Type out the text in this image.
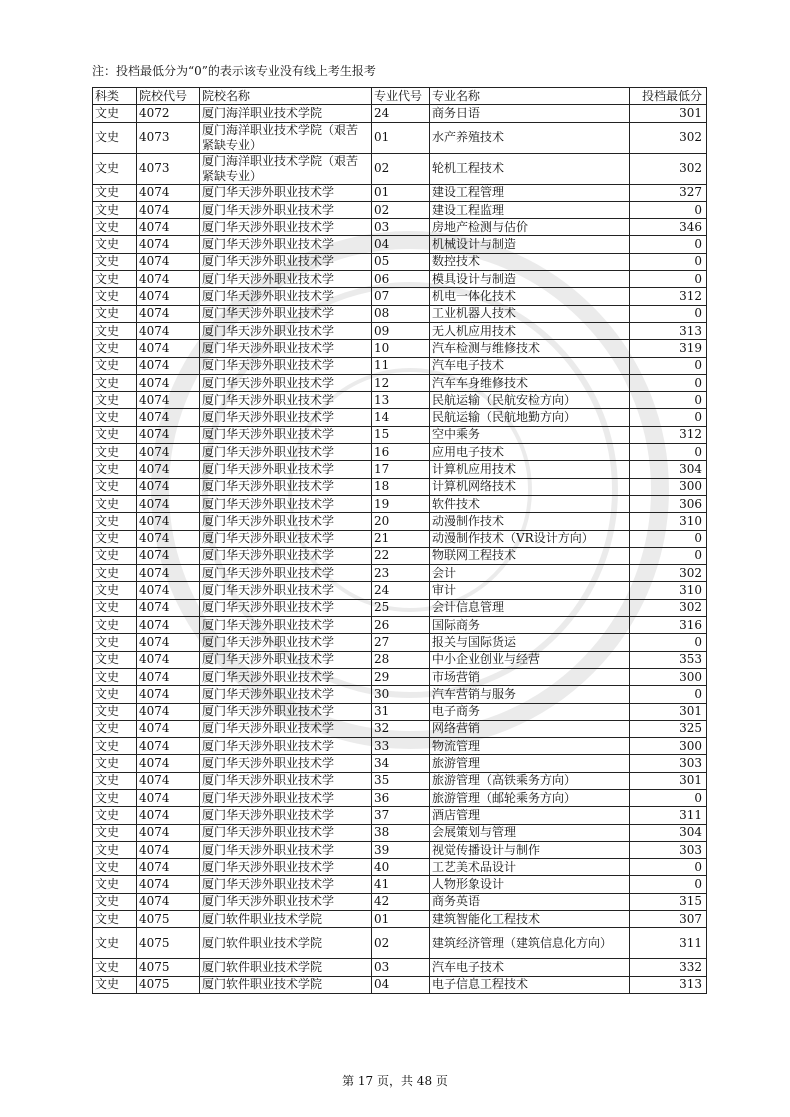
注：投档最低分为“0”的表示该专业没有线上考生报考
科类	院校代号	院校名称	专业代号	专业名称	投档最低分
文史	4072	厦门海洋职业技术学院	24	商务日语	301
文史	4073	厦门海洋职业技术学院（艰苦紧缺专业）	01	水产养殖技术	302
文史	4073	厦门海洋职业技术学院（艰苦紧缺专业）	02	轮机工程技术	302
文史	4074	厦门华天涉外职业技术学	01	建设工程管理	327
文史	4074	厦门华天涉外职业技术学	02	建设工程监理	0
文史	4074	厦门华天涉外职业技术学	03	房地产检测与估价	346
文史	4074	厦门华天涉外职业技术学	04	机械设计与制造	0
文史	4074	厦门华天涉外职业技术学	05	数控技术	0
文史	4074	厦门华天涉外职业技术学	06	模具设计与制造	0
文史	4074	厦门华天涉外职业技术学	07	机电一体化技术	312
文史	4074	厦门华天涉外职业技术学	08	工业机器人技术	0
文史	4074	厦门华天涉外职业技术学	09	无人机应用技术	313
文史	4074	厦门华天涉外职业技术学	10	汽车检测与维修技术	319
文史	4074	厦门华天涉外职业技术学	11	汽车电子技术	0
文史	4074	厦门华天涉外职业技术学	12	汽车车身维修技术	0
文史	4074	厦门华天涉外职业技术学	13	民航运输（民航安检方向）	0
文史	4074	厦门华天涉外职业技术学	14	民航运输（民航地勤方向）	0
文史	4074	厦门华天涉外职业技术学	15	空中乘务	312
文史	4074	厦门华天涉外职业技术学	16	应用电子技术	0
文史	4074	厦门华天涉外职业技术学	17	计算机应用技术	304
文史	4074	厦门华天涉外职业技术学	18	计算机网络技术	300
文史	4074	厦门华天涉外职业技术学	19	软件技术	306
文史	4074	厦门华天涉外职业技术学	20	动漫制作技术	310
文史	4074	厦门华天涉外职业技术学	21	动漫制作技术（VR设计方向）	0
文史	4074	厦门华天涉外职业技术学	22	物联网工程技术	0
文史	4074	厦门华天涉外职业技术学	23	会计	302
文史	4074	厦门华天涉外职业技术学	24	审计	310
文史	4074	厦门华天涉外职业技术学	25	会计信息管理	302
文史	4074	厦门华天涉外职业技术学	26	国际商务	316
文史	4074	厦门华天涉外职业技术学	27	报关与国际货运	0
文史	4074	厦门华天涉外职业技术学	28	中小企业创业与经营	353
文史	4074	厦门华天涉外职业技术学	29	市场营销	300
文史	4074	厦门华天涉外职业技术学	30	汽车营销与服务	0
文史	4074	厦门华天涉外职业技术学	31	电子商务	301
文史	4074	厦门华天涉外职业技术学	32	网络营销	325
文史	4074	厦门华天涉外职业技术学	33	物流管理	300
文史	4074	厦门华天涉外职业技术学	34	旅游管理	303
文史	4074	厦门华天涉外职业技术学	35	旅游管理（高铁乘务方向）	301
文史	4074	厦门华天涉外职业技术学	36	旅游管理（邮轮乘务方向）	0
文史	4074	厦门华天涉外职业技术学	37	酒店管理	311
文史	4074	厦门华天涉外职业技术学	38	会展策划与管理	304
文史	4074	厦门华天涉外职业技术学	39	视觉传播设计与制作	303
文史	4074	厦门华天涉外职业技术学	40	工艺美术品设计	0
文史	4074	厦门华天涉外职业技术学	41	人物形象设计	0
文史	4074	厦门华天涉外职业技术学	42	商务英语	315
文史	4075	厦门软件职业技术学院	01	建筑智能化工程技术	307
文史	4075	厦门软件职业技术学院	02	建筑经济管理（建筑信息化方向）	311
文史	4075	厦门软件职业技术学院	03	汽车电子技术	332
文史	4075	厦门软件职业技术学院	04	电子信息工程技术	313
第 17 页，共 48 页
